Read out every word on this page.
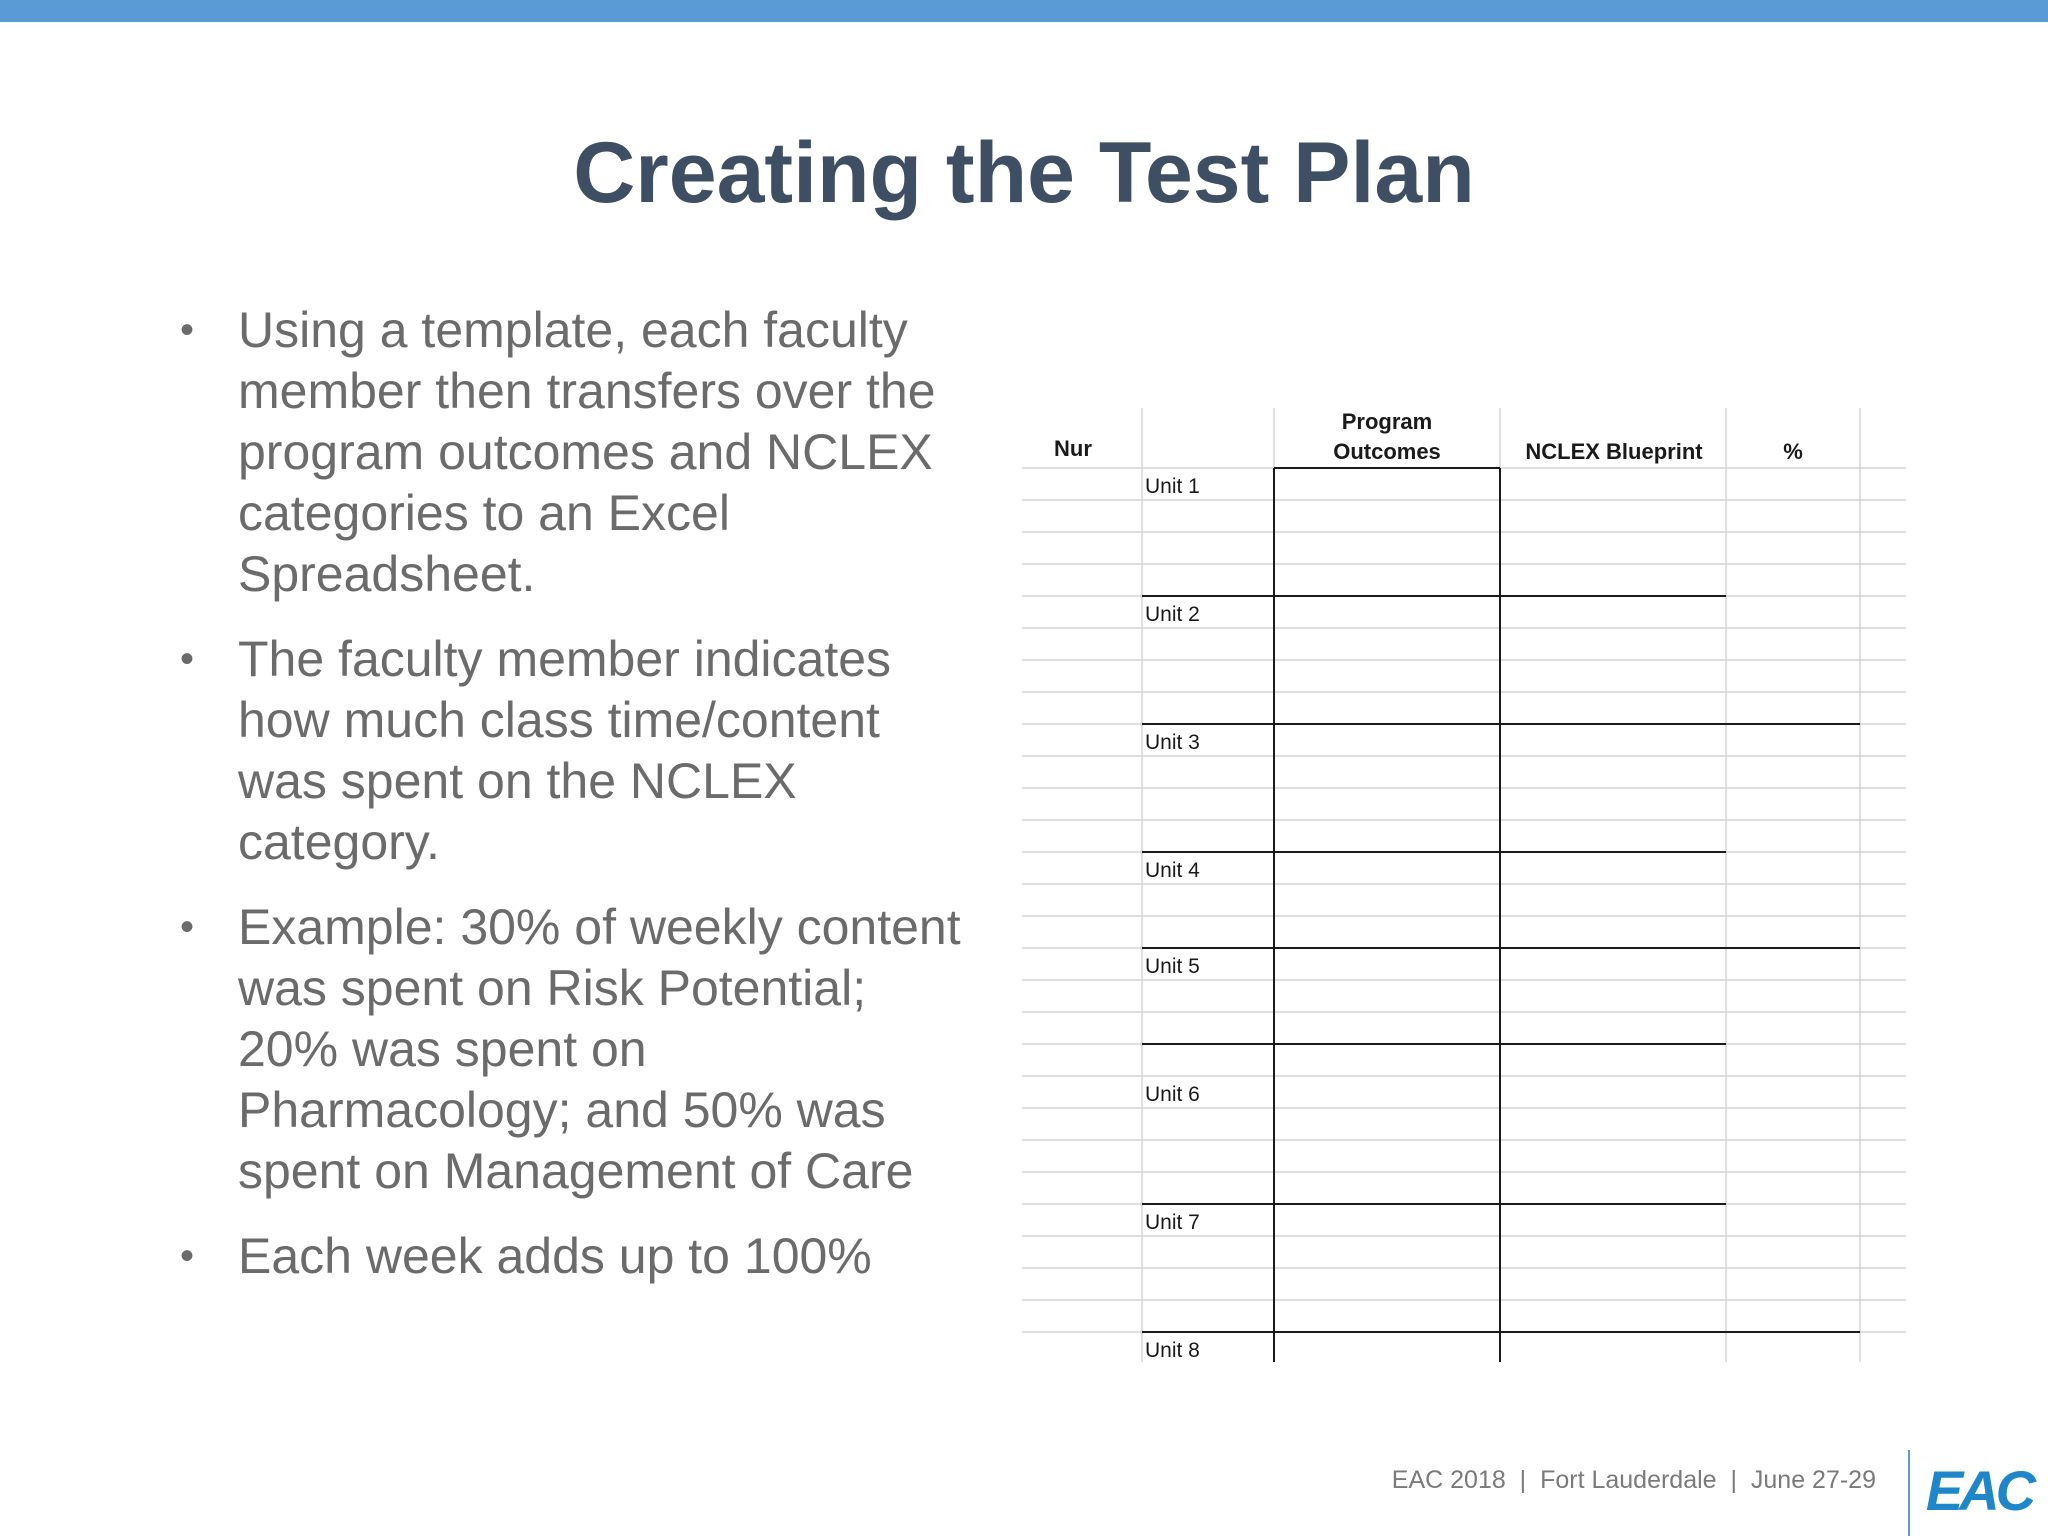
Creating the Test Plan
• Using a template, each faculty member then transfers over the program outcomes and NCLEX categories to an Excel Spreadsheet.
• The faculty member indicates how much class time/content was spent on the NCLEX category.
• Example: 30% of weekly content was spent on Risk Potential; 20% was spent on Pharmacology; and 50% was spent on Management of Care
• Each week adds up to 100%
Nur
Program
Outcomes	NCLEX Blueprint	%
Unit 1
Unit 2
Unit 3
Unit 4
Unit 5
Unit 6
Unit 7
Unit 8
EAC 2018 | Fort Lauderdale | June 27-29 EAC
